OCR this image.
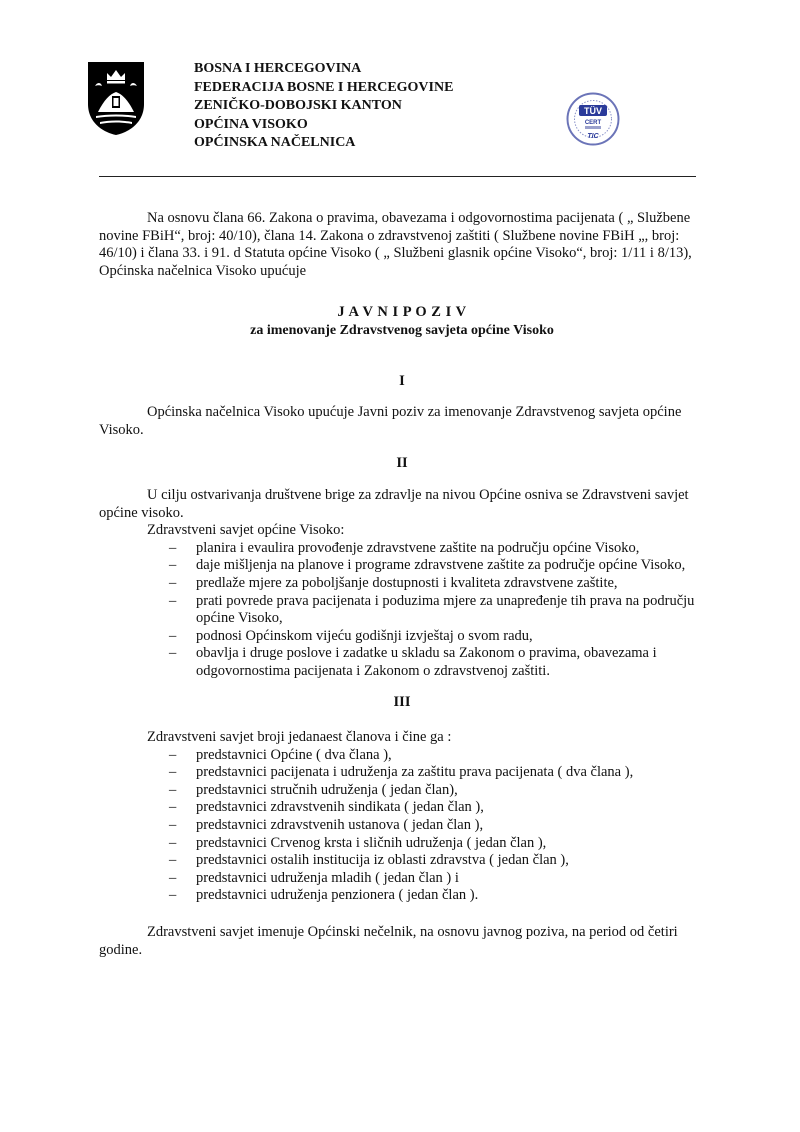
BOSNA I HERCEGOVINA
FEDERACIJA BOSNE I HERCEGOVINE
ZENIČKO-DOBOJSKI KANTON
OPĆINA VISOKO
OPĆINSKA NAČELNICA
TÜV
CERT
TIC

Na osnovu člana 66. Zakona o pravima, obavezama i odgovornostima pacijenata ( „ Službene novine FBiH“, broj: 40/10), člana 14. Zakona o zdravstvenoj zaštiti ( Službene novine FBiH „, broj: 46/10) i člana 33. i 91. d Statuta općine Visoko ( „ Službeni glasnik općine Visoko“, broj: 1/11 i 8/13), Općinska načelnica Visoko upućuje

J A V N I P O Z I V

za imenovanje Zdravstvenog savjeta općine Visoko

I

Općinska načelnica Visoko upućuje Javni poziv za imenovanje Zdravstvenog savjeta općine Visoko.

II

U cilju ostvarivanja društvene brige za zdravlje na nivou Općine osniva se Zdravstveni savjet općine visoko.

Zdravstveni savjet općine Visoko:

– planira i evaulira provođenje zdravstvene zaštite na području općine Visoko,
– daje mišljenja na planove i programe zdravstvene zaštite za područje općine Visoko,
– predlaže mjere za poboljšanje dostupnosti i kvaliteta zdravstvene zaštite,
– prati povrede prava pacijenata i poduzima mjere za unapređenje tih prava na području općine Visoko,
– podnosi Općinskom vijeću godišnji izvještaj o svom radu,
– obavlja i druge poslove i zadatke u skladu sa Zakonom o pravima, obavezama i odgovornostima pacijenata i Zakonom o zdravstvenoj zaštiti.

III

Zdravstveni savjet broji jedanaest članova i čine ga :

– predstavnici Općine ( dva člana ),
– predstavnici pacijenata i udruženja za zaštitu prava pacijenata ( dva člana ),
– predstavnici stručnih udruženja ( jedan član),
– predstavnici zdravstvenih sindikata ( jedan član ),
– predstavnici zdravstvenih ustanova ( jedan član ),
– predstavnici Crvenog krsta i sličnih udruženja ( jedan član ),
– predstavnici ostalih institucija iz oblasti zdravstva ( jedan član ),
– predstavnici udruženja mladih ( jedan član ) i
– predstavnici udruženja penzionera ( jedan član ).

Zdravstveni savjet imenuje Općinski nečelnik, na osnovu javnog poziva, na period od četiri godine.
